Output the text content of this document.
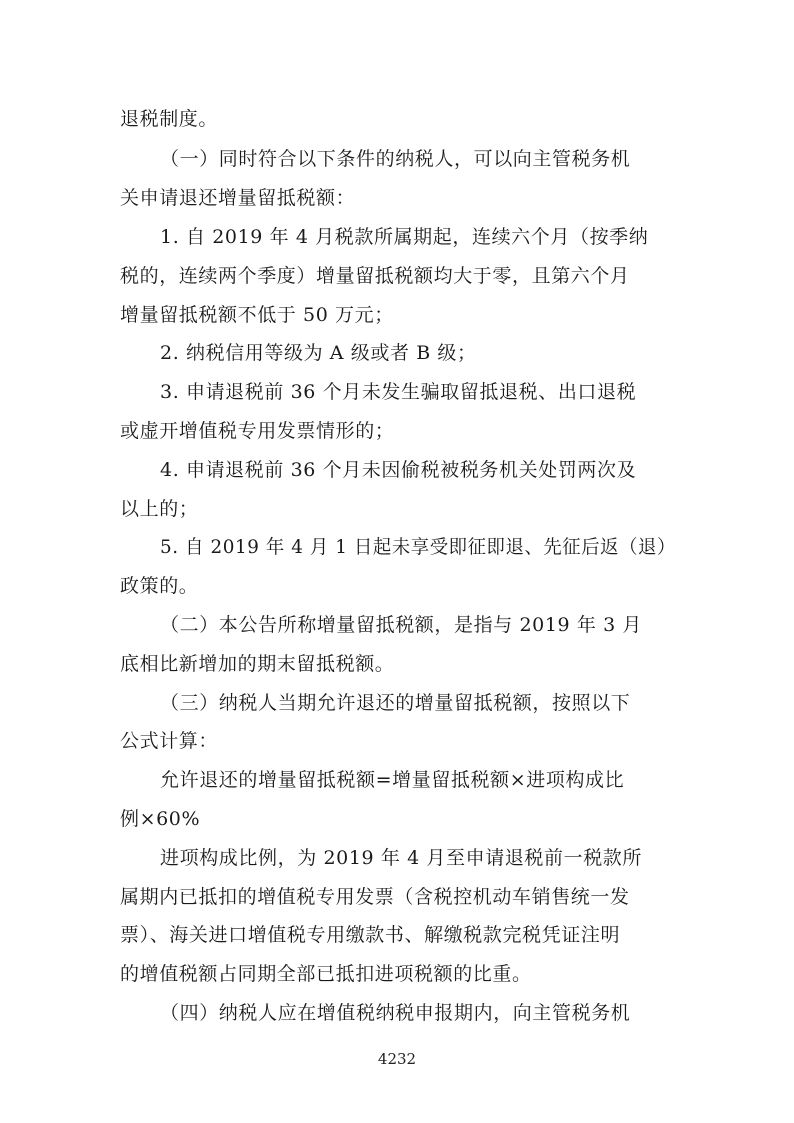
退税制度。
（一）同时符合以下条件的纳税人，可以向主管税务机
关申请退还增量留抵税额：
1. 自 2019 年 4 月税款所属期起，连续六个月（按季纳
税的，连续两个季度）增量留抵税额均大于零，且第六个月
增量留抵税额不低于 50 万元；
2. 纳税信用等级为 A 级或者 B 级；
3. 申请退税前 36 个月未发生骗取留抵退税、出口退税
或虚开增值税专用发票情形的；
4. 申请退税前 36 个月未因偷税被税务机关处罚两次及
以上的；
5. 自 2019 年 4 月 1 日起未享受即征即退、先征后返（退）
政策的。
（二）本公告所称增量留抵税额，是指与 2019 年 3 月
底相比新增加的期末留抵税额。
（三）纳税人当期允许退还的增量留抵税额，按照以下
公式计算：
允许退还的增量留抵税额=增量留抵税额×进项构成比
例×60%
进项构成比例，为 2019 年 4 月至申请退税前一税款所
属期内已抵扣的增值税专用发票（含税控机动车销售统一发
票）、海关进口增值税专用缴款书、解缴税款完税凭证注明
的增值税额占同期全部已抵扣进项税额的比重。
（四）纳税人应在增值税纳税申报期内，向主管税务机
4232
